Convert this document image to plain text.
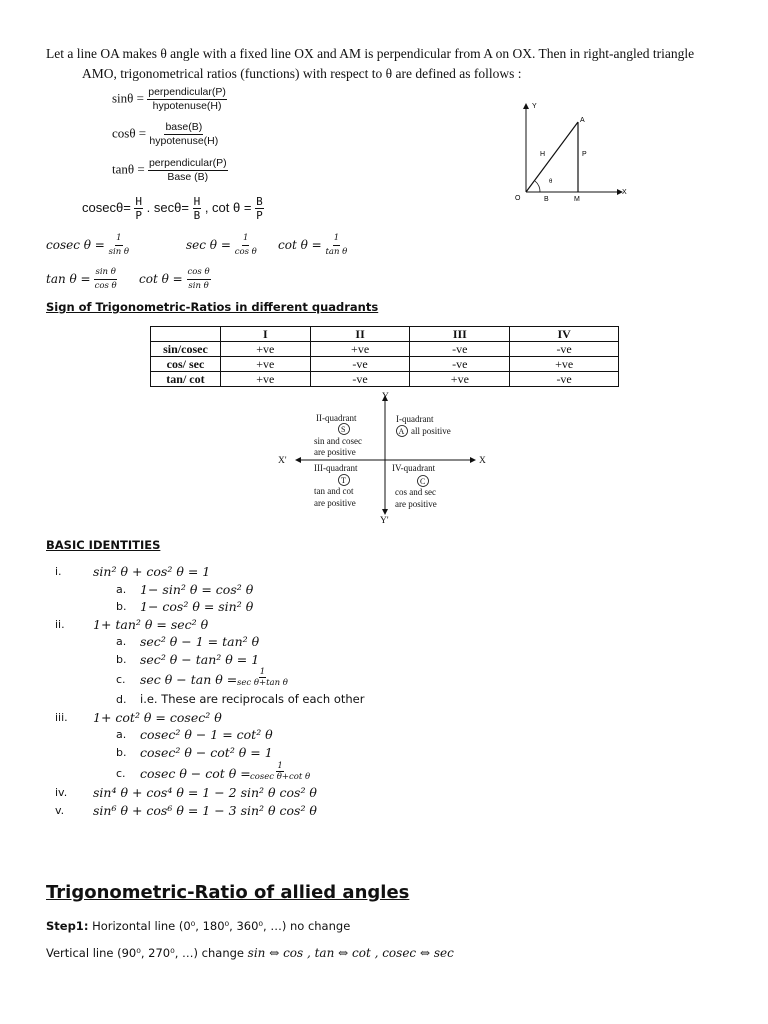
Let a line OA makes θ angle with a fixed line OX and AM is perpendicular from A on OX. Then in right-angled triangle
AMO, trigonometrical ratios (functions) with respect to θ are defined as follows :
$\sin\theta = \frac{\text{perpendicular(P)}}{\text{hypotenuse(H)}}$
$\cos\theta = \frac{\text{base(B)}}{\text{hypotenuse(H)}}$
$\tan\theta = \frac{\text{perpendicular(P)}}{\text{Base (B)}}$
$cosec\theta= \frac{H}{P}$ . $\sec\theta= \frac{H}{B}$ , $\cot \theta = \frac{B}{P}$
cosec $\theta = \frac{1}{\text{sin θ}}$	$\sec \theta = \frac{1}{\text{cos θ}}$ $\cot \theta = \frac{1}{\text{tan θ}}$
$\tan \theta = \frac{\text{sin θ}}{\text{cos θ}}$ $\cot \theta = \frac{\text{cos θ}}{\text{sin θ}}$
Y
X
O
A
B	M
H	P
θ
Sign of Trigonometric-Ratios in different quadrants
	I	II	III	IV
sin/cosec	+ve	+ve	-ve	-ve
cos/ sec	+ve	-ve	-ve	+ve
tan/ cot	+ve	-ve	+ve	-ve
Y
Y'
X
X'
II-quadrant
S
sin and cosec
are positive
I-quadrant
A all positive
III-quadrant
T
tan and cot
are positive
IV-quadrant
C
cos and sec
are positive
BASIC IDENTITIES
i.	sin² θ + cos² θ = 1
a. 1− sin² θ = cos² θ
b. 1− cos² θ = sin² θ
ii. 1+ tan² θ = sec² θ
a. sec² θ − 1 = tan² θ
b. sec² θ − tan² θ = 1
c. sec θ − tan θ =	1
sec θ+tan θ
d. i.e. These are reciprocals of each other
iii. 1+ cot² θ = cosec² θ
a. cosec² θ − 1 = cot² θ
b. cosec² θ − cot² θ = 1
c. cosec $\theta - \cot \theta = \frac{1}{\text{cosec θ+cot θ}}$
iv. sin⁴ θ + cos⁴ θ = 1 − 2 sin² θ cos² θ
v. sin⁶ θ + cos⁶ θ = 1 − 3 sin² θ cos² θ
Trigonometric-Ratio of allied angles
Step1: Horizontal line (0⁰, 180⁰, 360⁰, …) no change
Vertical line (90⁰, 270⁰, …) change sin ⇔ cos , tan ⇔ cot , cosec ⇔ sec
